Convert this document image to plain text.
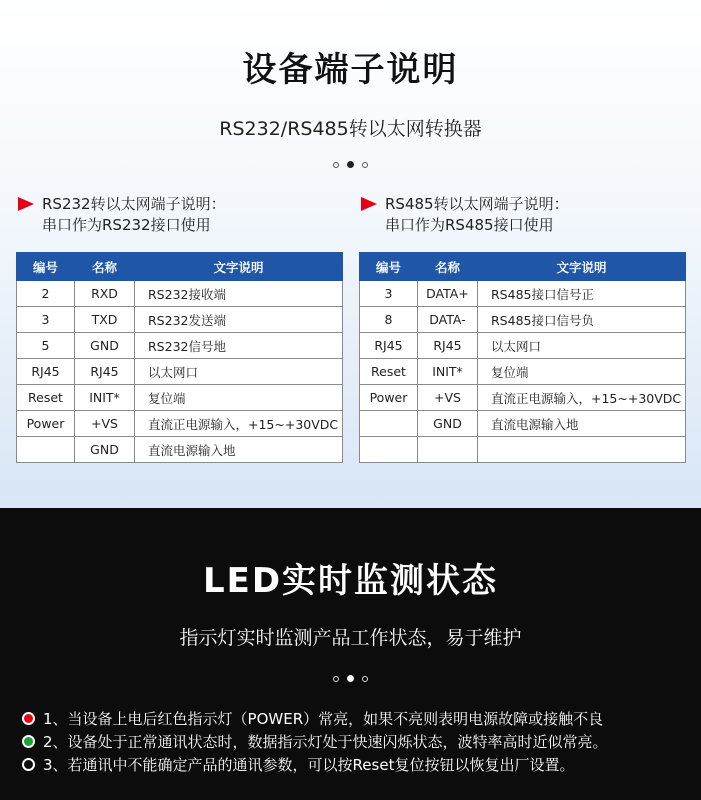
设备端子说明
RS232/RS485转以太网转换器
RS232转以太网端子说明：
串口作为RS232接口使用
编号	名称	文字说明
2	RXD	RS232接收端
3	TXD	RS232发送端
5	GND	RS232信号地
RJ45	RJ45	以太网口
Reset	INIT*	复位端
Power	+VS	直流正电源输入，+15~+30VDC
	GND	直流电源输入地
RS485转以太网端子说明：
串口作为RS485接口使用
编号	名称	文字说明
3	DATA+	RS485接口信号正
8	DATA-	RS485接口信号负
RJ45	RJ45	以太网口
Reset	INIT*	复位端
Power	+VS	直流正电源输入，+15~+30VDC
	GND	直流电源输入地

LED实时监测状态
指示灯实时监测产品工作状态，易于维护
1、当设备上电后红色指示灯（POWER）常亮，如果不亮则表明电源故障或接触不良
2、设备处于正常通讯状态时，数据指示灯处于快速闪烁状态，波特率高时近似常亮。
3、若通讯中不能确定产品的通讯参数，可以按Reset复位按钮以恢复出厂设置。
